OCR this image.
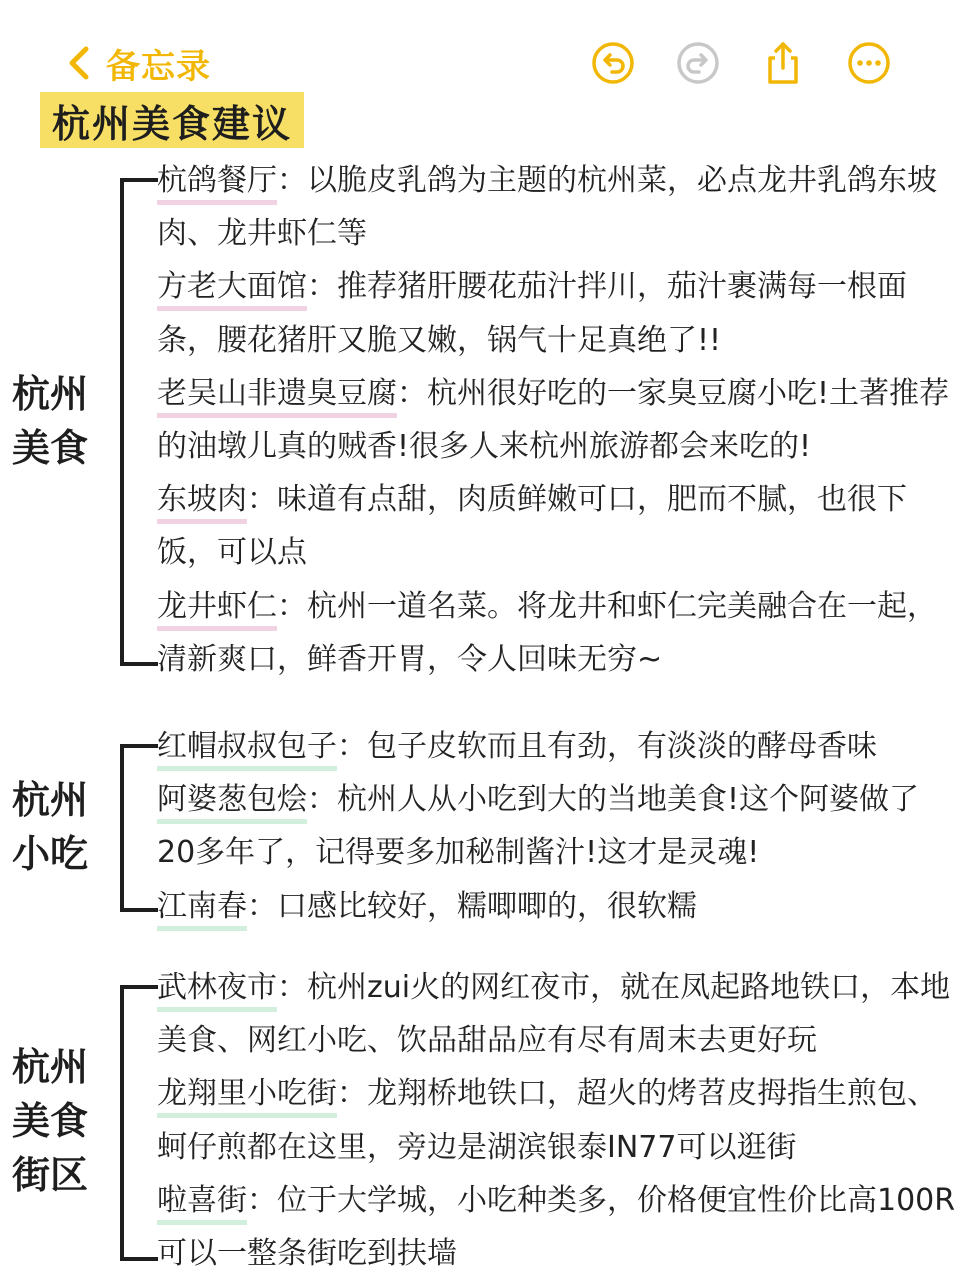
备忘录
杭州美食建议
杭州
美食

杭鸽餐厅：以脆皮乳鸽为主题的杭州菜，必点龙井乳鸽东坡肉、龙井虾仁等

方老大面馆：推荐猪肝腰花茄汁拌川，茄汁裹满每一根面条，腰花猪肝又脆又嫩，锅气十足真绝了!!

老吴山非遗臭豆腐：杭州很好吃的一家臭豆腐小吃!土著推荐的油墩儿真的贼香!很多人来杭州旅游都会来吃的!

东坡肉：味道有点甜，肉质鲜嫩可口，肥而不腻，也很下饭，可以点

龙井虾仁：杭州一道名菜。将龙井和虾仁完美融合在一起，清新爽口，鲜香开胃，令人回味无穷~

杭州
小吃

红帽叔叔包子：包子皮软而且有劲，有淡淡的酵母香味

阿婆葱包烩：杭州人从小吃到大的当地美食!这个阿婆做了20多年了，记得要多加秘制酱汁!这才是灵魂!

江南春：口感比较好，糯唧唧的，很软糯

杭州
美食
街区

武林夜市：杭州zui火的网红夜市，就在凤起路地铁口，本地美食、网红小吃、饮品甜品应有尽有周末去更好玩

龙翔里小吃街：龙翔桥地铁口，超火的烤苕皮拇指生煎包、蚵仔煎都在这里，旁边是湖滨银泰IN77可以逛街

啦喜街：位于大学城，小吃种类多，价格便宜性价比高100R可以一整条街吃到扶墙
